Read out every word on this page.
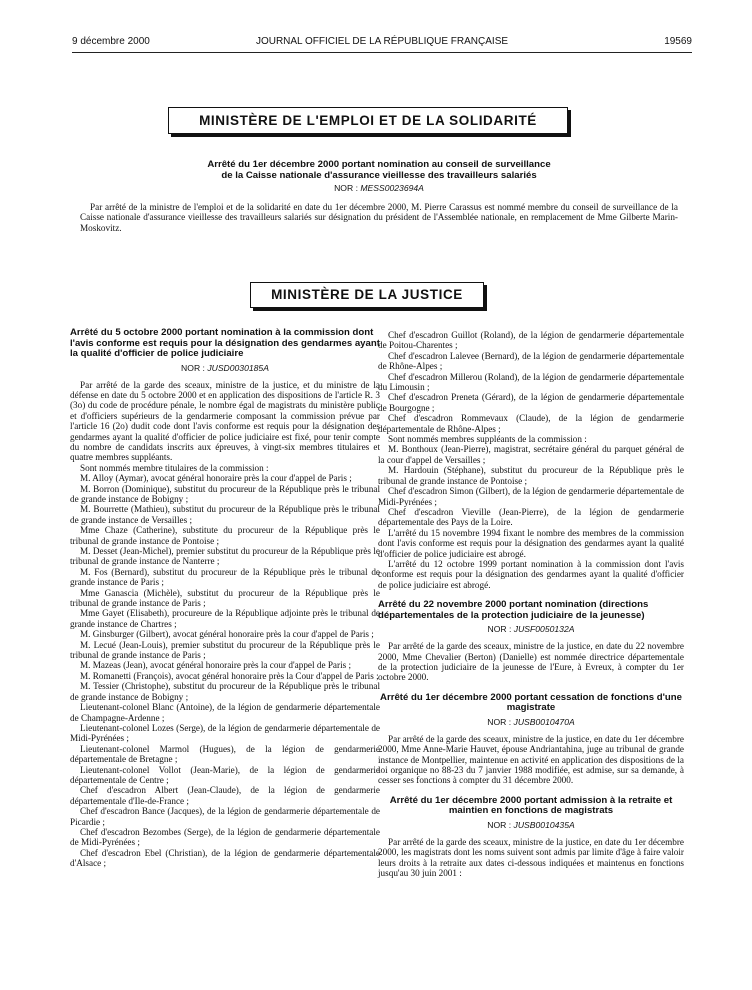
9 décembre 2000	JOURNAL OFFICIEL DE LA RÉPUBLIQUE FRANÇAISE	19569
MINISTÈRE DE L'EMPLOI ET DE LA SOLIDARITÉ
Arrêté du 1er décembre 2000 portant nomination au conseil de surveillance
de la Caisse nationale d'assurance vieillesse des travailleurs salariés
NOR : MESS0023694A

Par arrêté de la ministre de l'emploi et de la solidarité en date du 1er décembre 2000, M. Pierre Carassus est nommé membre du conseil de surveillance de la Caisse nationale d'assurance vieillesse des travailleurs salariés sur désignation du président de l'Assemblée nationale, en remplacement de Mme Gilberte Marin-Moskovitz.

MINISTÈRE DE LA JUSTICE
Arrêté du 5 octobre 2000 portant nomination à la commission dont l'avis conforme est requis pour la désignation des gendarmes ayant la qualité d'officier de police judiciaire
NOR : JUSD0030185A

Par arrêté de la garde des sceaux, ministre de la justice, et du ministre de la défense en date du 5 octobre 2000 et en application des dispositions de l'article R. 3 (3o) du code de procédure pénale, le nombre égal de magistrats du ministère public et d'officiers supérieurs de la gendarmerie composant la commission prévue par l'article 16 (2o) dudit code dont l'avis conforme est requis pour la désignation des gendarmes ayant la qualité d'officier de police judiciaire est fixé, pour tenir compte du nombre de candidats inscrits aux épreuves, à vingt-six membres titulaires et quatre membres suppléants.

Sont nommés membre titulaires de la commission :

M. Alloy (Aymar), avocat général honoraire près la cour d'appel de Paris ;

M. Borron (Dominique), substitut du procureur de la République près le tribunal de grande instance de Bobigny ;

M. Bourrette (Mathieu), substitut du procureur de la République près le tribunal de grande instance de Versailles ;

Mme Chaze (Catherine), substitute du procureur de la République près le tribunal de grande instance de Pontoise ;

M. Desset (Jean-Michel), premier substitut du procureur de la République près le tribunal de grande instance de Nanterre ;

M. Fos (Bernard), substitut du procureur de la République près le tribunal de grande instance de Paris ;

Mme Ganascia (Michèle), substitut du procureur de la République près le tribunal de grande instance de Paris ;

Mme Gayet (Elisabeth), procureure de la République adjointe près le tribunal de grande instance de Chartres ;

M. Ginsburger (Gilbert), avocat général honoraire près la cour d'appel de Paris ;

M. Lecué (Jean-Louis), premier substitut du procureur de la République près le tribunal de grande instance de Paris ;

M. Mazeas (Jean), avocat général honoraire près la cour d'appel de Paris ;

M. Romanetti (François), avocat général honoraire près la Cour d'appel de Paris ;

M. Tessier (Christophe), substitut du procureur de la République près le tribunal de grande instance de Bobigny ;

Lieutenant-colonel Blanc (Antoine), de la légion de gendarmerie départementale de Champagne-Ardenne ;

Lieutenant-colonel Lozes (Serge), de la légion de gendarmerie départementale de Midi-Pyrénées ;

Lieutenant-colonel Marmol (Hugues), de la légion de gendarmerie départementale de Bretagne ;

Lieutenant-colonel Vollot (Jean-Marie), de la légion de gendarmerie départementale de Centre ;

Chef d'escadron Albert (Jean-Claude), de la légion de gendarmerie départementale d'Ile-de-France ;

Chef d'escadron Bance (Jacques), de la légion de gendarmerie départementale de Picardie ;

Chef d'escadron Bezombes (Serge), de la légion de gendarmerie départementale de Midi-Pyrénées ;

Chef d'escadron Ebel (Christian), de la légion de gendarmerie départementale d'Alsace ;

Chef d'escadron Guillot (Roland), de la légion de gendarmerie départementale de Poitou-Charentes ;

Chef d'escadron Lalevee (Bernard), de la légion de gendarmerie départementale de Rhône-Alpes ;

Chef d'escadron Millerou (Roland), de la légion de gendarmerie départementale du Limousin ;

Chef d'escadron Preneta (Gérard), de la légion de gendarmerie départementale de Bourgogne ;

Chef d'escadron Rommevaux (Claude), de la légion de gendarmerie départementale de Rhône-Alpes ;

Sont nommés membres suppléants de la commission :

M. Bonthoux (Jean-Pierre), magistrat, secrétaire général du parquet général de la cour d'appel de Versailles ;

M. Hardouin (Stéphane), substitut du procureur de la République près le tribunal de grande instance de Pontoise ;

Chef d'escadron Simon (Gilbert), de la légion de gendarmerie départementale de Midi-Pyrénées ;

Chef d'escadron Vieville (Jean-Pierre), de la légion de gendarmerie départementale des Pays de la Loire.

L'arrêté du 15 novembre 1994 fixant le nombre des membres de la commission dont l'avis conforme est requis pour la désignation des gendarmes ayant la qualité d'officier de police judiciaire est abrogé.

L'arrêté du 12 octobre 1999 portant nomination à la commission dont l'avis conforme est requis pour la désignation des gendarmes ayant la qualité d'officier de police judiciaire est abrogé.

Arrêté du 22 novembre 2000 portant nomination (directions départementales de la protection judiciaire de la jeunesse)
NOR : JUSF0050132A

Par arrêté de la garde des sceaux, ministre de la justice, en date du 22 novembre 2000, Mme Chevalier (Berton) (Danielle) est nommée directrice départementale de la protection judiciaire de la jeunesse de l'Eure, à Evreux, à compter du 1er octobre 2000.

Arrêté du 1er décembre 2000 portant cessation de fonctions d'une magistrate
NOR : JUSB0010470A

Par arrêté de la garde des sceaux, ministre de la justice, en date du 1er décembre 2000, Mme Anne-Marie Hauvet, épouse Andriantahina, juge au tribunal de grande instance de Montpellier, maintenue en activité en application des dispositions de la loi organique no 88-23 du 7 janvier 1988 modifiée, est admise, sur sa demande, à cesser ses fonctions à compter du 31 décembre 2000.

Arrêté du 1er décembre 2000 portant admission à la retraite et maintien en fonctions de magistrats
NOR : JUSB0010435A

Par arrêté de la garde des sceaux, ministre de la justice, en date du 1er décembre 2000, les magistrats dont les noms suivent sont admis par limite d'âge à faire valoir leurs droits à la retraite aux dates ci-dessous indiquées et maintenus en fonctions jusqu'au 30 juin 2001 :
